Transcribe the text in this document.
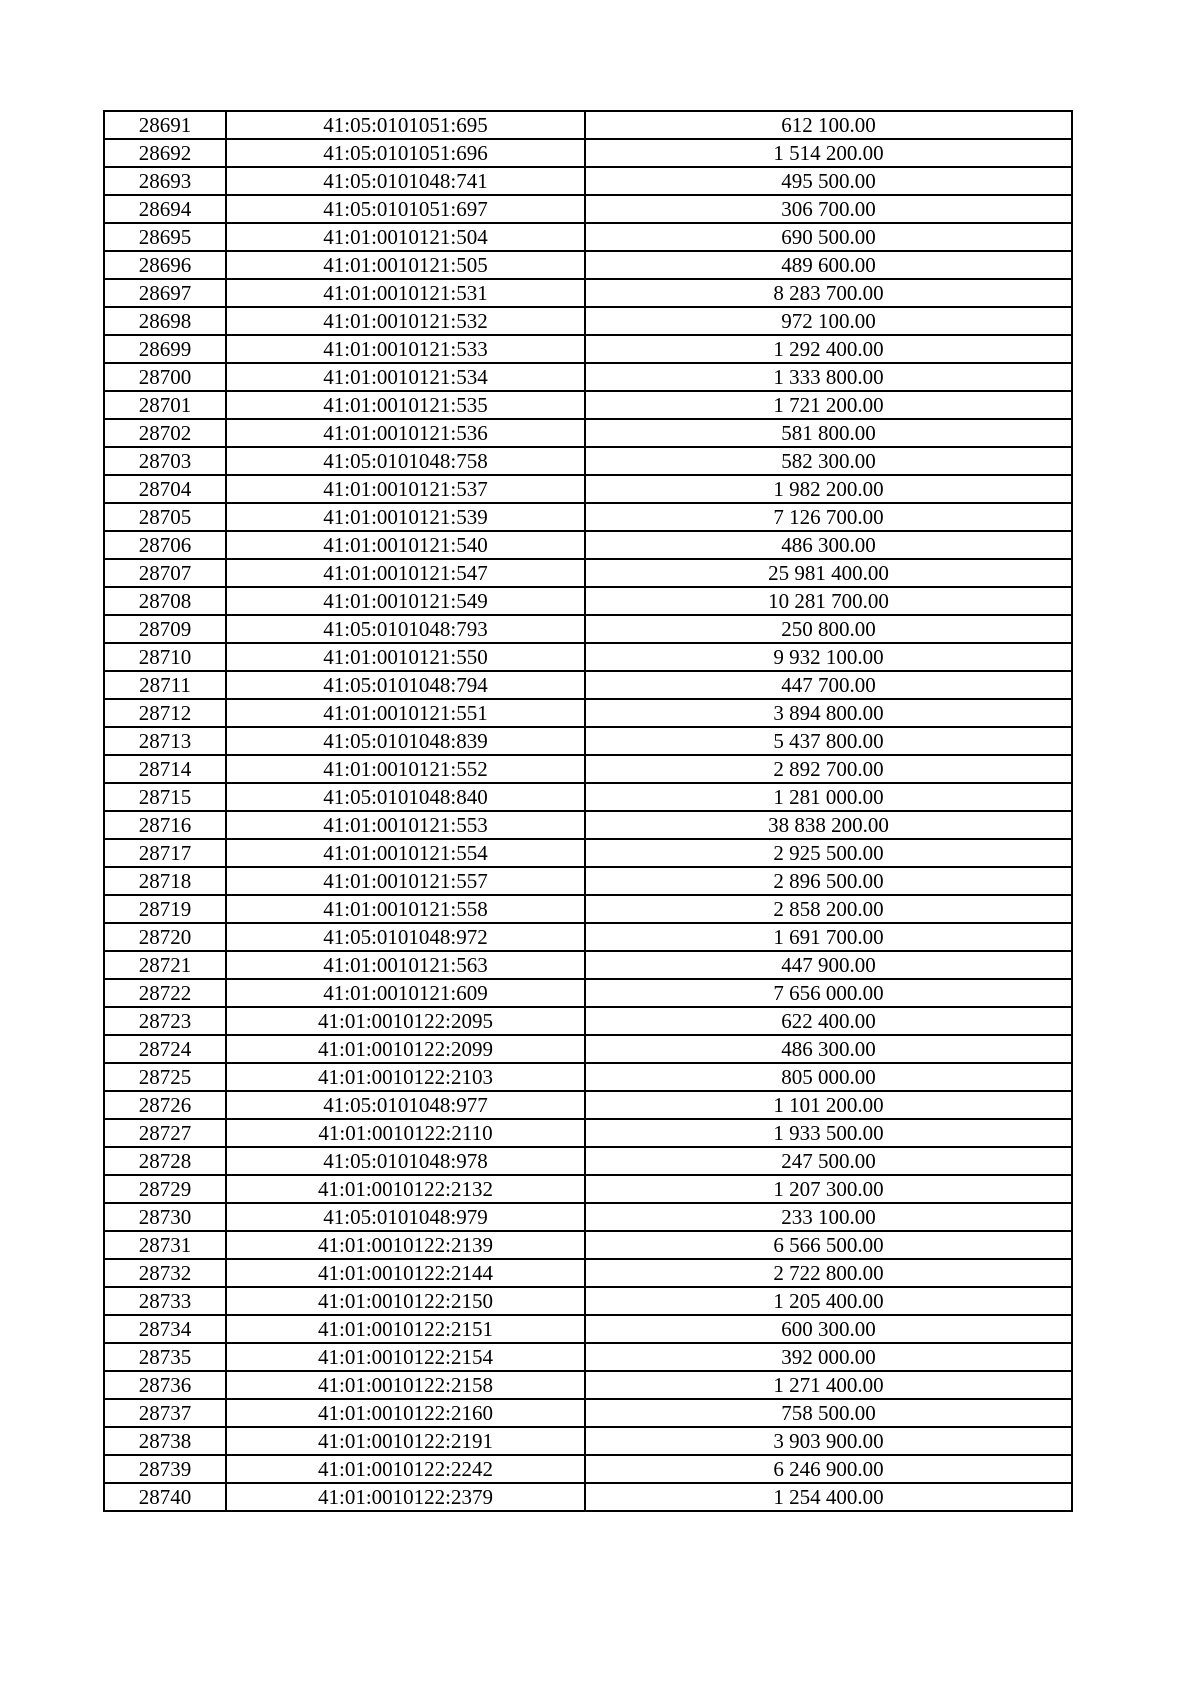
28691	41:05:0101051:695	612 100.00
28692	41:05:0101051:696	1 514 200.00
28693	41:05:0101048:741	495 500.00
28694	41:05:0101051:697	306 700.00
28695	41:01:0010121:504	690 500.00
28696	41:01:0010121:505	489 600.00
28697	41:01:0010121:531	8 283 700.00
28698	41:01:0010121:532	972 100.00
28699	41:01:0010121:533	1 292 400.00
28700	41:01:0010121:534	1 333 800.00
28701	41:01:0010121:535	1 721 200.00
28702	41:01:0010121:536	581 800.00
28703	41:05:0101048:758	582 300.00
28704	41:01:0010121:537	1 982 200.00
28705	41:01:0010121:539	7 126 700.00
28706	41:01:0010121:540	486 300.00
28707	41:01:0010121:547	25 981 400.00
28708	41:01:0010121:549	10 281 700.00
28709	41:05:0101048:793	250 800.00
28710	41:01:0010121:550	9 932 100.00
28711	41:05:0101048:794	447 700.00
28712	41:01:0010121:551	3 894 800.00
28713	41:05:0101048:839	5 437 800.00
28714	41:01:0010121:552	2 892 700.00
28715	41:05:0101048:840	1 281 000.00
28716	41:01:0010121:553	38 838 200.00
28717	41:01:0010121:554	2 925 500.00
28718	41:01:0010121:557	2 896 500.00
28719	41:01:0010121:558	2 858 200.00
28720	41:05:0101048:972	1 691 700.00
28721	41:01:0010121:563	447 900.00
28722	41:01:0010121:609	7 656 000.00
28723	41:01:0010122:2095	622 400.00
28724	41:01:0010122:2099	486 300.00
28725	41:01:0010122:2103	805 000.00
28726	41:05:0101048:977	1 101 200.00
28727	41:01:0010122:2110	1 933 500.00
28728	41:05:0101048:978	247 500.00
28729	41:01:0010122:2132	1 207 300.00
28730	41:05:0101048:979	233 100.00
28731	41:01:0010122:2139	6 566 500.00
28732	41:01:0010122:2144	2 722 800.00
28733	41:01:0010122:2150	1 205 400.00
28734	41:01:0010122:2151	600 300.00
28735	41:01:0010122:2154	392 000.00
28736	41:01:0010122:2158	1 271 400.00
28737	41:01:0010122:2160	758 500.00
28738	41:01:0010122:2191	3 903 900.00
28739	41:01:0010122:2242	6 246 900.00
28740	41:01:0010122:2379	1 254 400.00
